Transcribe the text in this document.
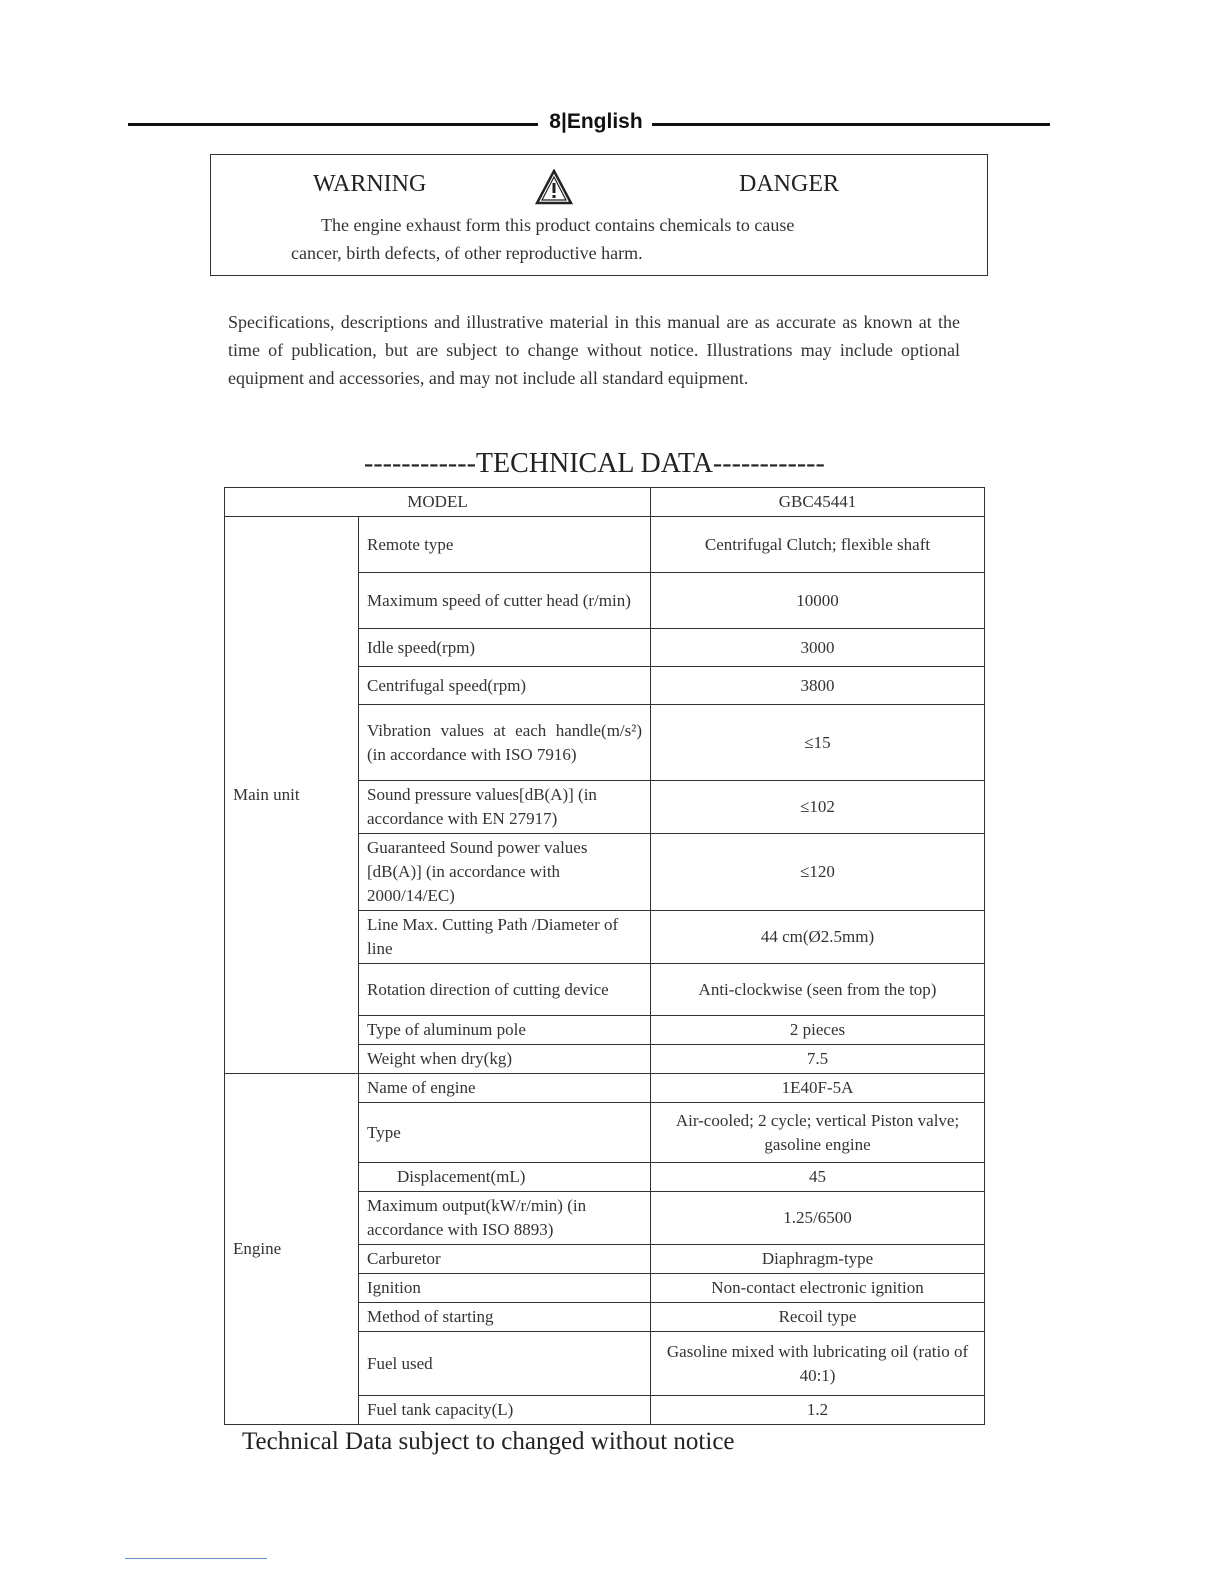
8|English
WARNING	DANGER
The engine exhaust form this product contains chemicals to cause
cancer, birth defects, of other reproductive harm.
Specifications, descriptions and illustrative material in this manual are as accurate as known at the time of publication, but are subject to change without notice. Illustrations may include optional equipment and accessories, and may not include all standard equipment.
------------TECHNICAL DATA------------
MODEL		GBC45441
Main unit	Remote type	Centrifugal Clutch; flexible shaft
	Maximum speed of cutter head (r/min)	10000
	Idle speed(rpm)	3000
	Centrifugal speed(rpm)	3800
	Vibration values at each handle(m/s²) (in accordance with ISO 7916)	≤15
	Sound pressure values[dB(A)] (in accordance with EN 27917)	≤102
	Guaranteed Sound power values [dB(A)] (in accordance with 2000/14/EC)	≤120
	Line Max. Cutting Path /Diameter of line	44 cm(Ø2.5mm)
	Rotation direction of cutting device	Anti-clockwise (seen from the top)
	Type of aluminum pole	2 pieces
	Weight when dry(kg)	7.5
Engine	Name of engine	1E40F-5A
	Type	Air-cooled; 2 cycle; vertical Piston valve; gasoline engine
	Displacement(mL)	45
	Maximum output(kW/r/min) (in accordance with ISO 8893)	1.25/6500
	Carburetor	Diaphragm-type
	Ignition	Non-contact electronic ignition
	Method of starting	Recoil type
	Fuel used	Gasoline mixed with lubricating oil (ratio of 40:1)
	Fuel tank capacity(L)	1.2
Technical Data subject to changed without notice
